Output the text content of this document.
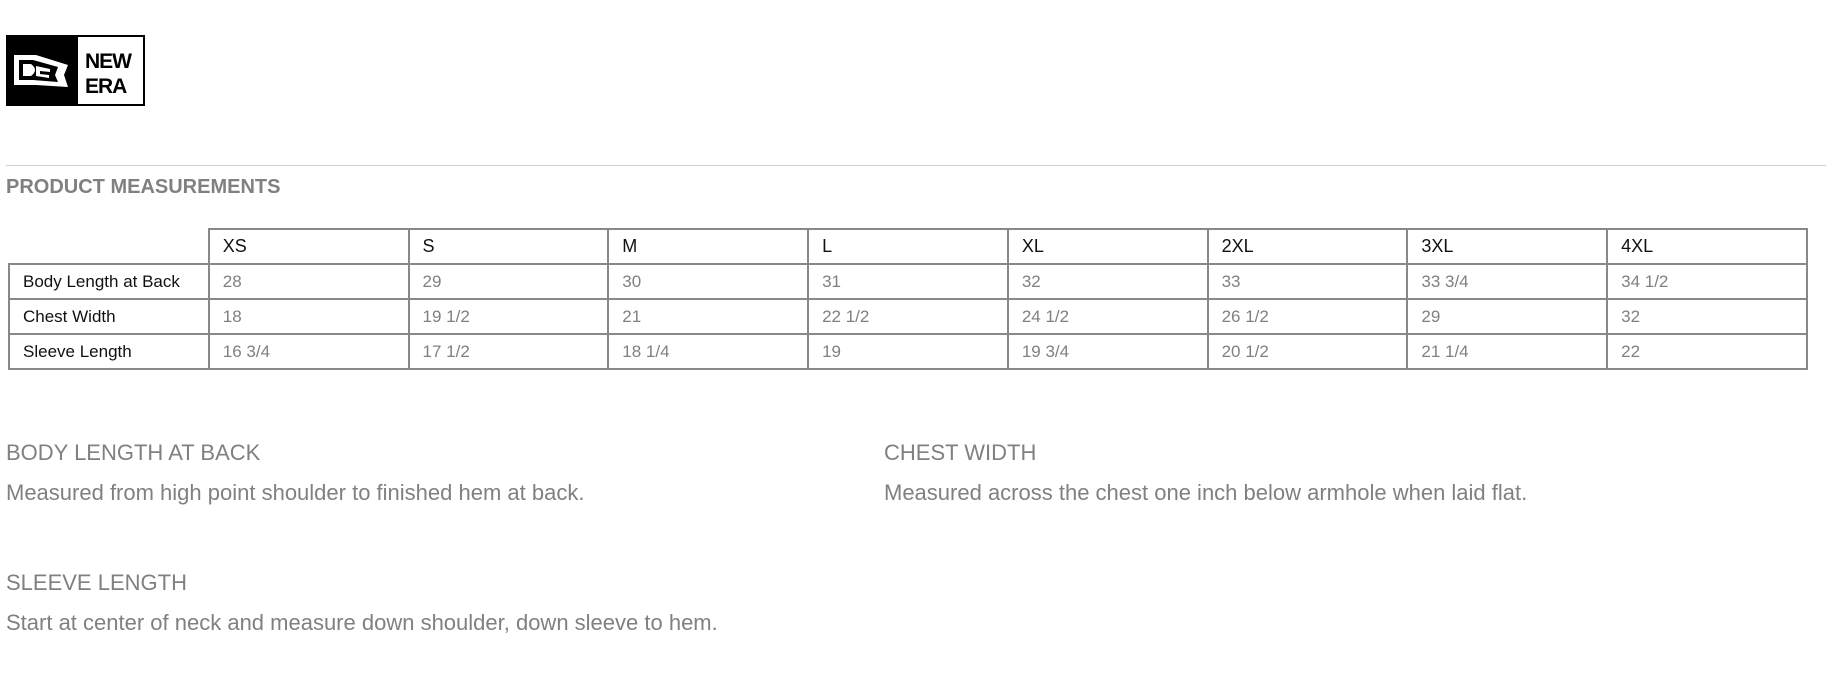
NEW
ERA
PRODUCT MEASUREMENTS
	XS	S	M	L	XL	2XL	3XL	4XL
Body Length at Back	28	29	30	31	32	33	33 3/4	34 1/2
Chest Width	18	19 1/2	21	22 1/2	24 1/2	26 1/2	29	32
Sleeve Length	16 3/4	17 1/2	18 1/4	19	19 3/4	20 1/2	21 1/4	22
BODY LENGTH AT BACK

Measured from high point shoulder to finished hem at back.

CHEST WIDTH

Measured across the chest one inch below armhole when laid flat.

SLEEVE LENGTH

Start at center of neck and measure down shoulder, down sleeve to hem.
